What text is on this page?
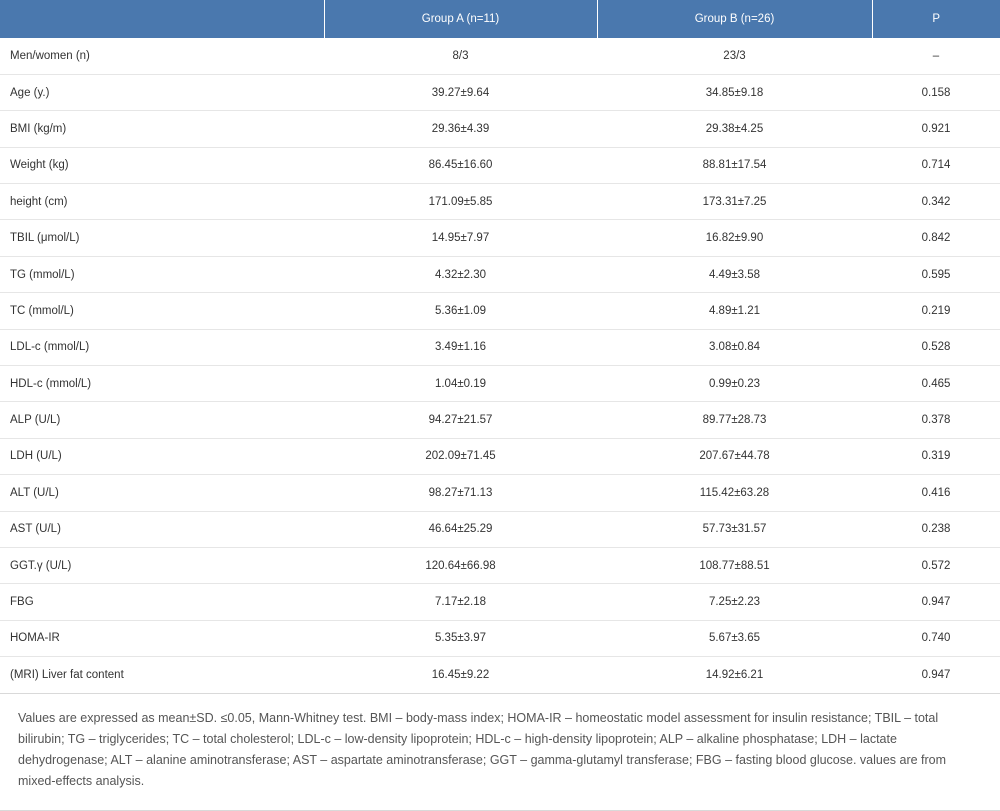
	Group A (n=11)	Group B (n=26)	P
Men/women (n)	8/3	23/3	–
Age (y.)	39.27±9.64	34.85±9.18	0.158
BMI (kg/m)	29.36±4.39	29.38±4.25	0.921
Weight (kg)	86.45±16.60	88.81±17.54	0.714
height (cm)	171.09±5.85	173.31±7.25	0.342
TBIL (μmol/L)	14.95±7.97	16.82±9.90	0.842
TG (mmol/L)	4.32±2.30	4.49±3.58	0.595
TC (mmol/L)	5.36±1.09	4.89±1.21	0.219
LDL-c (mmol/L)	3.49±1.16	3.08±0.84	0.528
HDL-c (mmol/L)	1.04±0.19	0.99±0.23	0.465
ALP (U/L)	94.27±21.57	89.77±28.73	0.378
LDH (U/L)	202.09±71.45	207.67±44.78	0.319
ALT (U/L)	98.27±71.13	115.42±63.28	0.416
AST (U/L)	46.64±25.29	57.73±31.57	0.238
GGT.γ (U/L)	120.64±66.98	108.77±88.51	0.572
FBG	7.17±2.18	7.25±2.23	0.947
HOMA-IR	5.35±3.97	5.67±3.65	0.740
(MRI) Liver fat content	16.45±9.22	14.92±6.21	0.947
Values are expressed as mean±SD. ≤0.05, Mann-Whitney test. BMI – body-mass index; HOMA-IR – homeostatic model assessment for insulin resistance; TBIL – total bilirubin; TG – triglycerides; TC – total cholesterol; LDL-c – low-density lipoprotein; HDL-c – high-density lipoprotein; ALP – alkaline phosphatase; LDH – lactate dehydrogenase; ALT – alanine aminotransferase; AST – aspartate aminotransferase; GGT – gamma-glutamyl transferase; FBG – fasting blood glucose. values are from mixed-effects analysis.
